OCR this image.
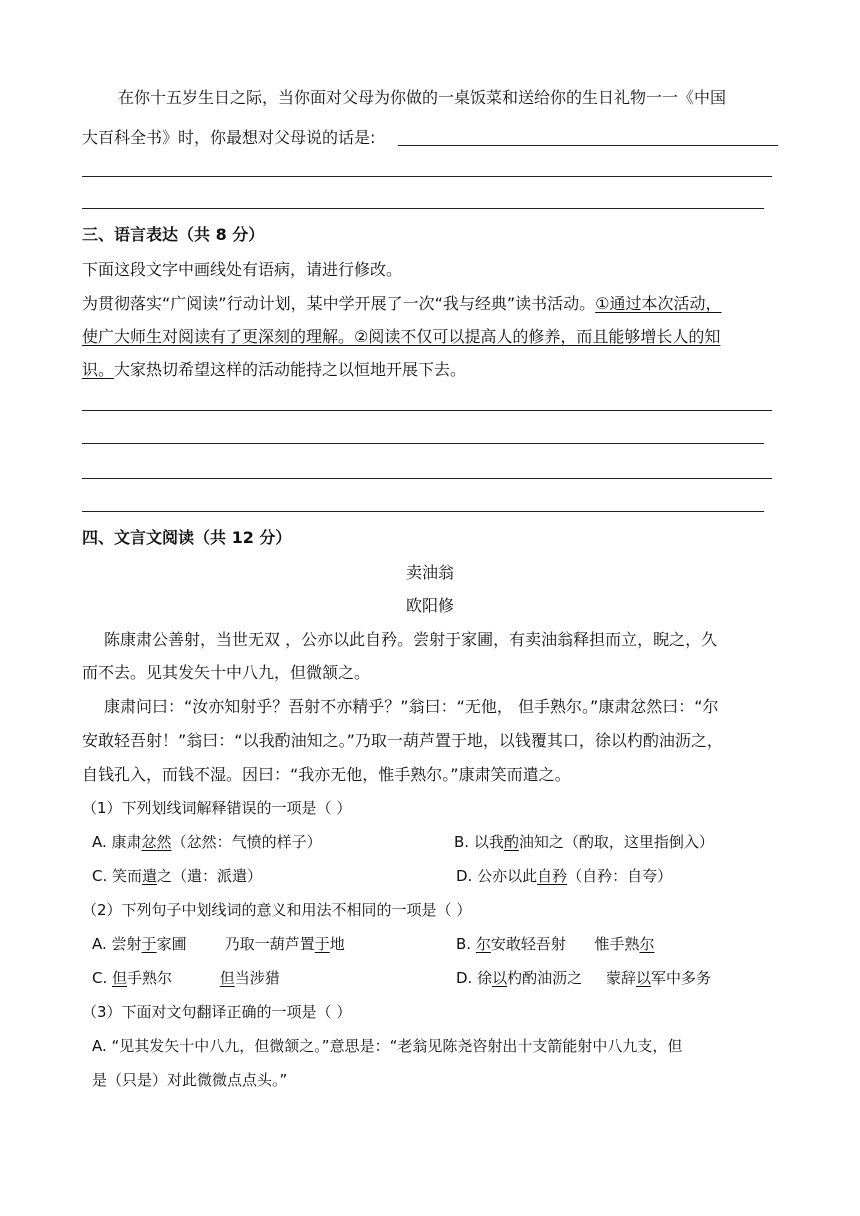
在你十五岁生日之际，当你面对父母为你做的一桌饭菜和送给你的生日礼物一一《中国
大百科全书》时，你最想对父母说的话是:
三、语言表达（共 8 分）
下面这段文字中画线处有语病，请进行修改。
为贯彻落实“广阅读”行动计划，某中学开展了一次“我与经典”读书活动。①通过本次活动，
使广大师生对阅读有了更深刻的理解。②阅读不仅可以提高人的修养，而且能够增长人的知
识。大家热切希望这样的活动能持之以恒地开展下去。
四、文言文阅读（共 12 分）
卖油翁
欧阳修
陈康肃公善射，当世无双 ，公亦以此自矜。尝射于家圃，有卖油翁释担而立，睨之，久
而不去。见其发矢十中八九，但微颔之。
康肃问曰：“汝亦知射乎？吾射不亦精乎？”翁曰：“无他， 但手熟尔。”康肃忿然曰：“尔
安敢轻吾射！”翁曰：“以我酌油知之。”乃取一葫芦置于地，以钱覆其口，徐以杓酌油沥之，
自钱孔入，而钱不湿。因曰：“我亦无他，惟手熟尔。”康肃笑而遣之。
（1）下列划线词解释错误的一项是（ ）
A. 康肃忿然（忿然：气愤的样子）	B. 以我酌油知之（酌取，这里指倒入）
C. 笑而遣之（遣：派遣）	D. 公亦以此自矜（自矜：自夸）
（2）下列句子中划线词的意义和用法不相同的一项是（ ）
A. 尝射于家圃        乃取一葫芦置于地	B. 尔安敢轻吾射      惟手熟尔
C. 但手熟尔          但当涉猎	D. 徐以杓酌油沥之     蒙辞以军中多务
（3）下面对文句翻译正确的一项是（ ）
A. “见其发矢十中八九，但微颔之。”意思是：“老翁见陈尧咨射出十支箭能射中八九支，但
是（只是）对此微微点点头。”
